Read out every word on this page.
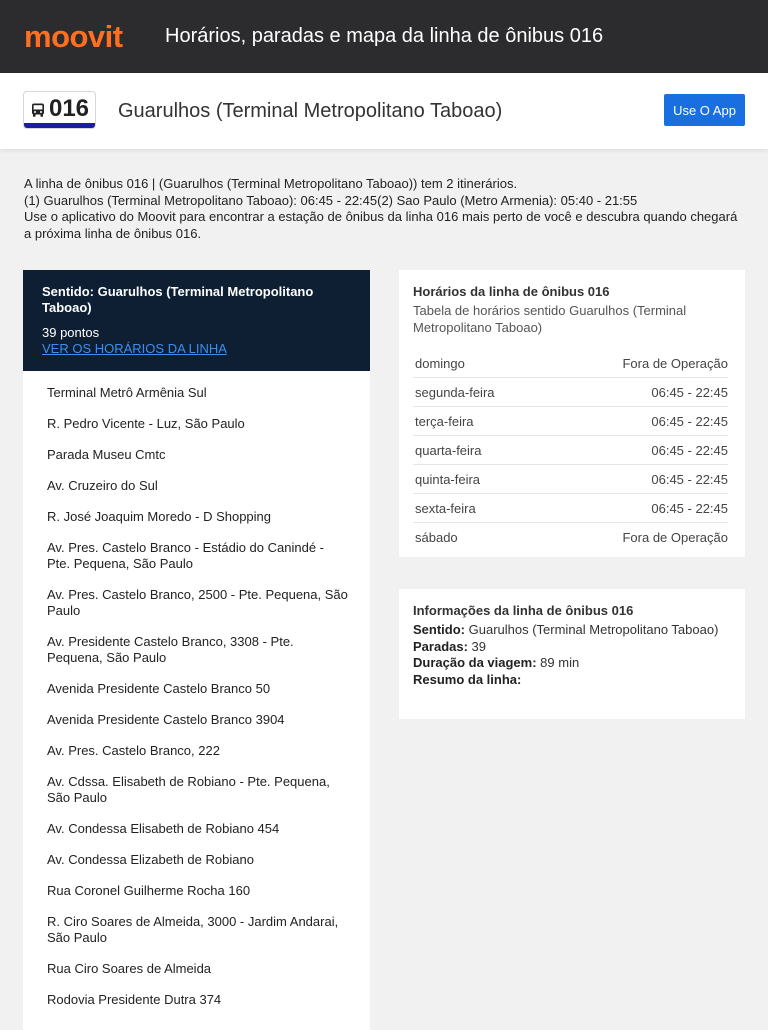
moovit	Horários, paradas e mapa da linha de ônibus 016
016 Guarulhos (Terminal Metropolitano Taboao)	Use O App

A linha de ônibus 016 | (Guarulhos (Terminal Metropolitano Taboao)) tem 2 itinerários.

(1) Guarulhos (Terminal Metropolitano Taboao): 06:45 - 22:45(2) Sao Paulo (Metro Armenia): 05:40 - 21:55

Use o aplicativo do Moovit para encontrar a estação de ônibus da linha 016 mais perto de você e descubra quando chegará a próxima linha de ônibus 016.

Sentido: Guarulhos (Terminal Metropolitano Taboao)
39 pontos
VER OS HORÁRIOS DA LINHA
Terminal Metrô Armênia Sul
R. Pedro Vicente - Luz, São Paulo
Parada Museu Cmtc
Av. Cruzeiro do Sul
R. José Joaquim Moredo - D Shopping
Av. Pres. Castelo Branco - Estádio do Canindé - Pte. Pequena, São Paulo
Av. Pres. Castelo Branco, 2500 - Pte. Pequena, São Paulo
Av. Presidente Castelo Branco, 3308 - Pte. Pequena, São Paulo
Avenida Presidente Castelo Branco 50
Avenida Presidente Castelo Branco 3904
Av. Pres. Castelo Branco, 222
Av. Cdssa. Elisabeth de Robiano - Pte. Pequena, São Paulo
Av. Condessa Elisabeth de Robiano 454
Av. Condessa Elizabeth de Robiano
Rua Coronel Guilherme Rocha 160
R. Ciro Soares de Almeida, 3000 - Jardim Andarai, São Paulo
Rua Ciro Soares de Almeida
Rodovia Presidente Dutra 374
Horários da linha de ônibus 016
Tabela de horários sentido Guarulhos (Terminal Metropolitano Taboao)
domingo	Fora de Operação
segunda-feira	06:45 - 22:45
terça-feira	06:45 - 22:45
quarta-feira	06:45 - 22:45
quinta-feira	06:45 - 22:45
sexta-feira	06:45 - 22:45
sábado	Fora de Operação
Informações da linha de ônibus 016
Sentido: Guarulhos (Terminal Metropolitano Taboao)
Paradas: 39
Duração da viagem: 89 min
Resumo da linha:
